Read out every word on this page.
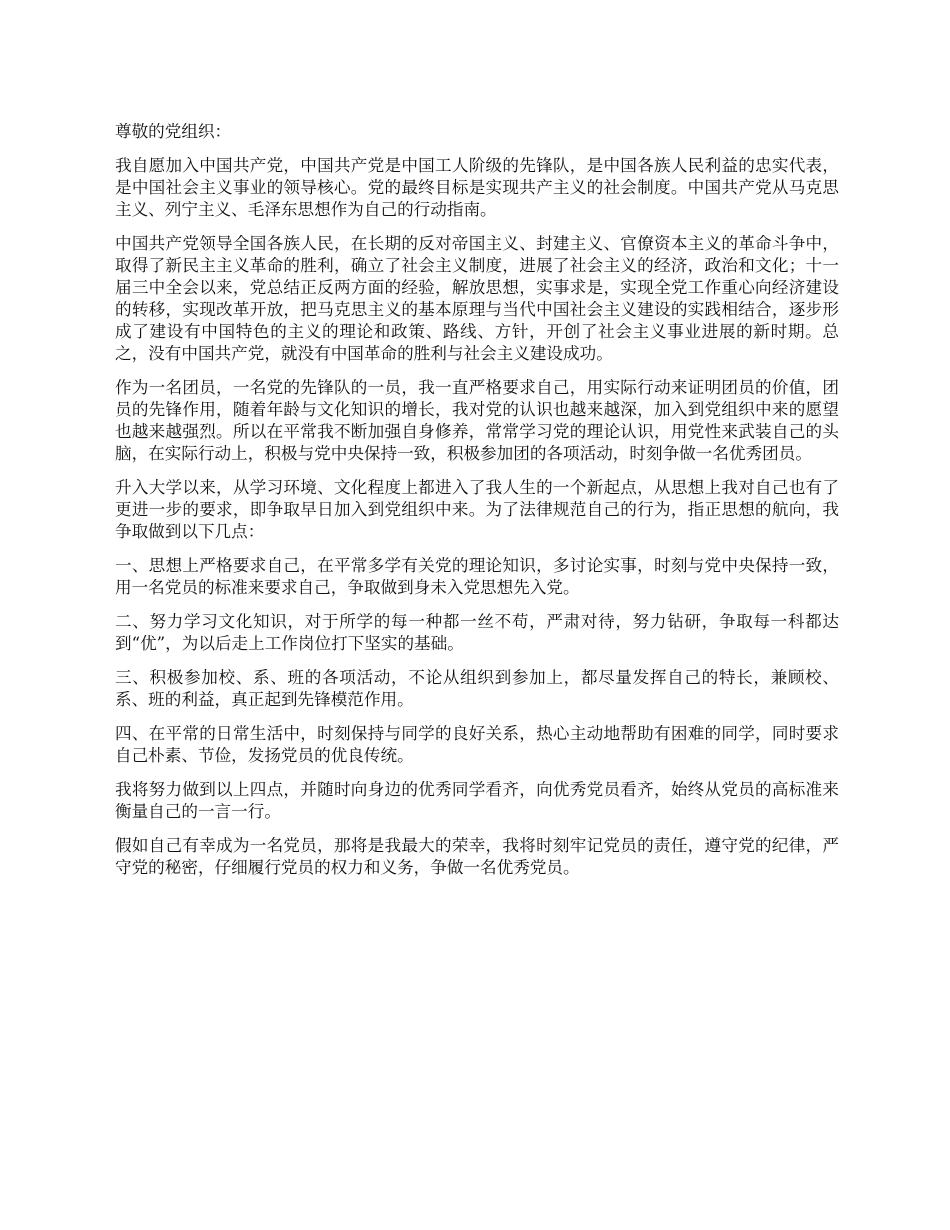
尊敬的党组织：

我自愿加入中国共产党，中国共产党是中国工人阶级的先锋队，是中国各族人民利益的忠实代表，是中国社会主义事业的领导核心。党的最终目标是实现共产主义的社会制度。中国共产党从马克思主义、列宁主义、毛泽东思想作为自己的行动指南。

中国共产党领导全国各族人民，在长期的反对帝国主义、封建主义、官僚资本主义的革命斗争中，取得了新民主主义革命的胜利，确立了社会主义制度，进展了社会主义的经济，政治和文化；十一届三中全会以来，党总结正反两方面的经验，解放思想，实事求是，实现全党工作重心向经济建设的转移，实现改革开放，把马克思主义的基本原理与当代中国社会主义建设的实践相结合，逐步形成了建设有中国特色的主义的理论和政策、路线、方针，开创了社会主义事业进展的新时期。总之，没有中国共产党，就没有中国革命的胜利与社会主义建设成功。

作为一名团员，一名党的先锋队的一员，我一直严格要求自己，用实际行动来证明团员的价值，团员的先锋作用，随着年龄与文化知识的增长，我对党的认识也越来越深，加入到党组织中来的愿望也越来越强烈。所以在平常我不断加强自身修养，常常学习党的理论认识，用党性来武装自己的头脑，在实际行动上，积极与党中央保持一致，积极参加团的各项活动，时刻争做一名优秀团员。

升入大学以来，从学习环境、文化程度上都进入了我人生的一个新起点，从思想上我对自己也有了更进一步的要求，即争取早日加入到党组织中来。为了法律规范自己的行为，指正思想的航向，我争取做到以下几点：

一、思想上严格要求自己，在平常多学有关党的理论知识，多讨论实事，时刻与党中央保持一致，用一名党员的标准来要求自己，争取做到身未入党思想先入党。

二、努力学习文化知识，对于所学的每一种都一丝不苟，严肃对待，努力钻研，争取每一科都达到“优”，为以后走上工作岗位打下坚实的基础。

三、积极参加校、系、班的各项活动，不论从组织到参加上，都尽量发挥自己的特长，兼顾校、系、班的利益，真正起到先锋模范作用。

四、在平常的日常生活中，时刻保持与同学的良好关系，热心主动地帮助有困难的同学，同时要求自己朴素、节俭，发扬党员的优良传统。

我将努力做到以上四点，并随时向身边的优秀同学看齐，向优秀党员看齐，始终从党员的高标准来衡量自己的一言一行。

假如自己有幸成为一名党员，那将是我最大的荣幸，我将时刻牢记党员的责任，遵守党的纪律，严守党的秘密，仔细履行党员的权力和义务，争做一名优秀党员。
